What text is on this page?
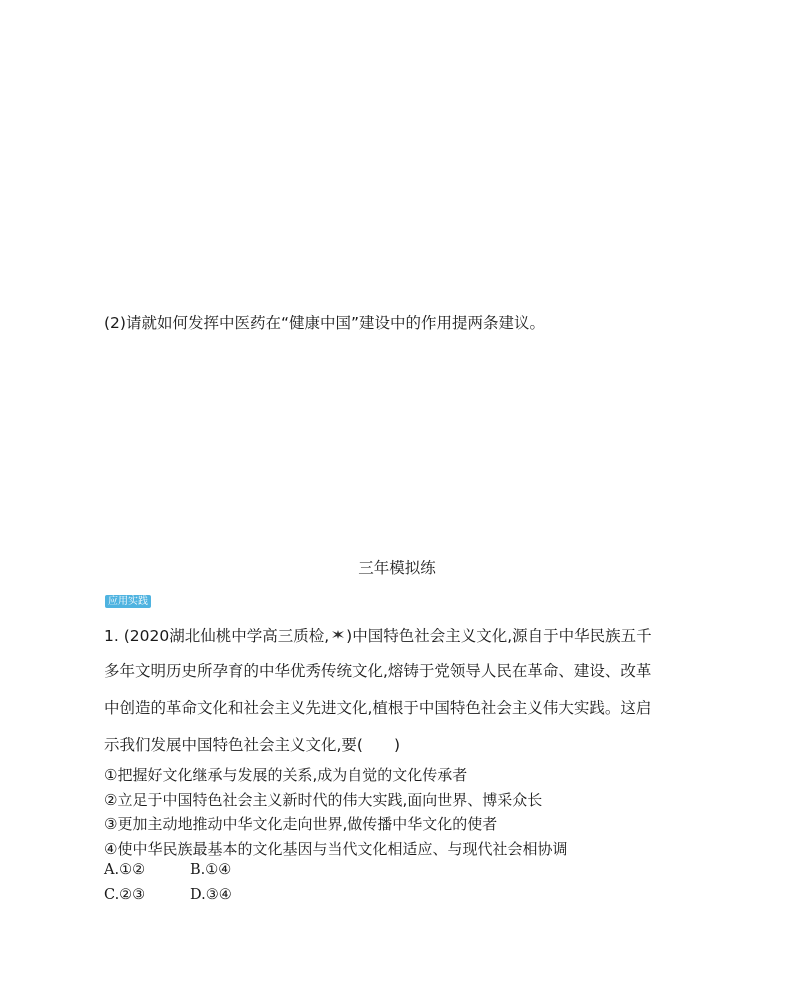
(2)请就如何发挥中医药在“健康中国”建设中的作用提两条建议。
三年模拟练
应用实践
1. (2020湖北仙桃中学高三质检, )中国特色社会主义文化,源自于中华民族五千
多年文明历史所孕育的中华优秀传统文化,熔铸于党领导人民在革命、建设、改革
中创造的革命文化和社会主义先进文化,植根于中国特色社会主义伟大实践。这启
示我们发展中国特色社会主义文化,要(　　)
①把握好文化继承与发展的关系,成为自觉的文化传承者
②立足于中国特色社会主义新时代的伟大实践,面向世界、博采众长
③更加主动地推动中华文化走向世界,做传播中华文化的使者
④使中华民族最基本的文化基因与当代文化相适应、与现代社会相协调
A.①②	B.①④
C.②③	D.③④
